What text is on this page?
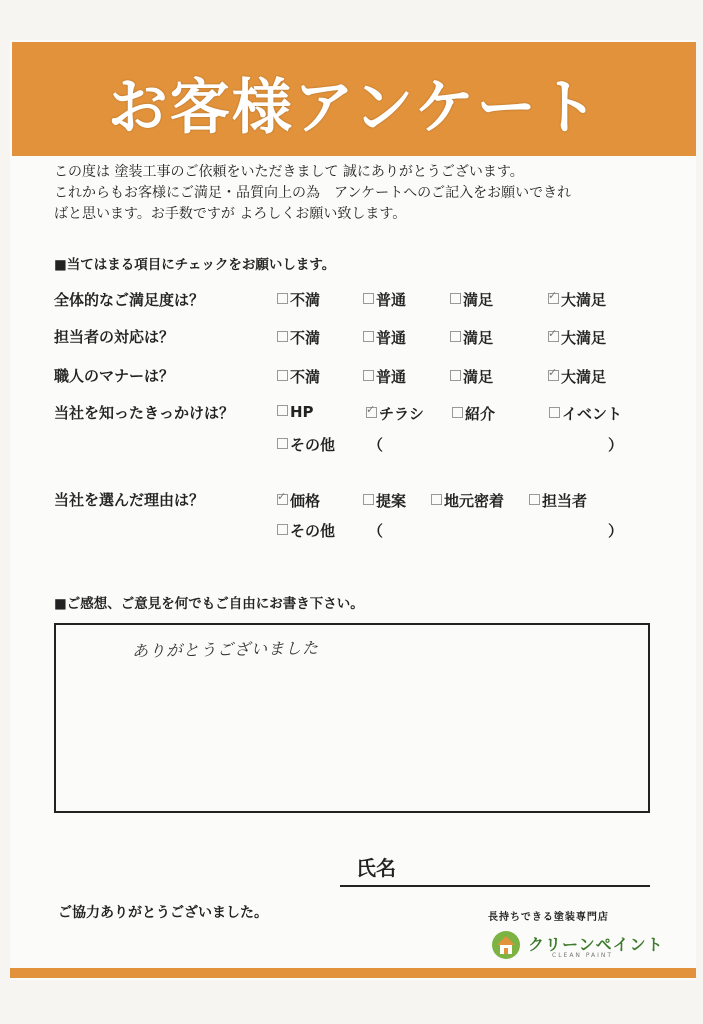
お客様アンケート
この度は 塗装工事のご依頼をいただきまして 誠にありがとうございます。
これからもお客様にご満足・品質向上の為　アンケートへのご記入をお願いできれ
ばと思います。お手数ですが よろしくお願い致します。
■当てはまる項目にチェックをお願いします。
全体的なご満足度は？	不満	普通	満足 ✓	大満足
担当者の対応は？	不満	普通	満足 ✓	大満足
職人のマナーは？	不満	普通	満足 ✓	大満足
当社を知ったきっかけは？	HP ✓	チラシ	紹介	イベント
その他 （	）
当社を選んだ理由は？ ✓	価格	提案	地元密着	担当者
その他 （	）
■ご感想、ご意見を何でもご自由にお書き下さい。
ありがとうございました
氏名
ご協力ありがとうございました。	長持ちできる塗装専門店
クリーンペイント
CLEAN PAINT
